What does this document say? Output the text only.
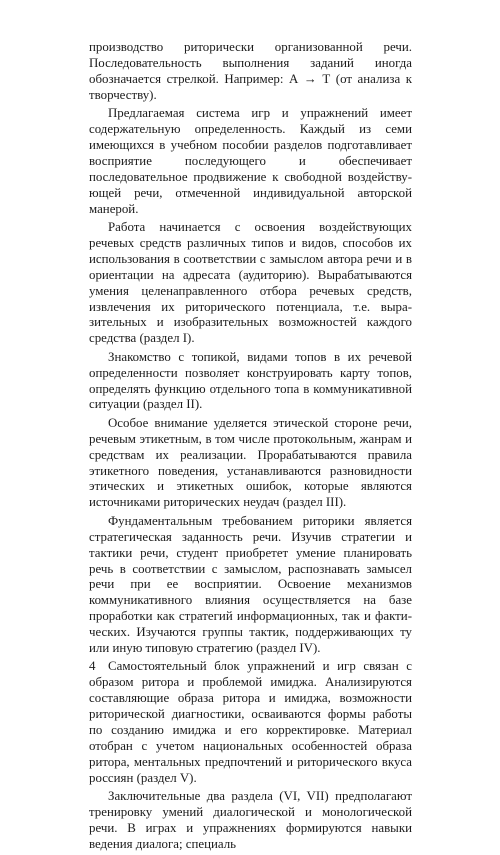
производство риторически организованной речи. Последовательность выполнения заданий иногда обозначается стрелкой. Например: А → Т (от анализа к творчеству).

Предлагаемая система игр и упражнений имеет содержательную определенность. Каждый из семи имеющихся в учебном пособии разделов подготавливает восприятие последующего и обеспечивает последовательное продвижение к свободной воздействующей речи, отмеченной индивидуальной авторской манерой.

Работа начинается с освоения воздействующих речевых средств различных типов и видов, способов их использования в соответствии с замыслом автора речи и в ориентации на адресата (аудиторию). Вырабатываются умения целенаправленного отбора речевых средств, извлечения их риторического потенциала, т.е. выразительных и изобразительных возможностей каждого средства (раздел I).

Знакомство с топикой, видами топов в их речевой определенности позволяет конструировать карту топов, определять функцию отдельного топа в коммуникативной ситуации (раздел II).

Особое внимание уделяется этической стороне речи, речевым этикетным, в том числе протокольным, жанрам и средствам их реализации. Прорабатываются правила этикетного поведения, устанавливаются разновидности этических и этикетных ошибок, которые являются источниками риторических неудач (раздел III).

Фундаментальным требованием риторики является стратегическая заданность речи. Изучив стратегии и тактики речи, студент приобретет умение планировать речь в соответствии с замыслом, распознавать замысел речи при ее восприятии. Освоение механизмов коммуникативного влияния осуществляется на базе проработки как стратегий информационных, так и фактических. Изучаются группы тактик, поддерживающих ту или иную типовую стратегию (раздел IV).

Самостоятельный блок упражнений и игр связан с образом ритора и проблемой имиджа. Анализируются составляющие образа ритора и имиджа, возможности риторической диагностики, осваиваются формы работы по созданию имиджа и его корректировке. Материал отобран с учетом национальных особенностей образа ритора, ментальных предпочтений и риторического вкуса россиян (раздел V).

Заключительные два раздела (VI, VII) предполагают тренировку умений диалогической и монологической речи. В играх и упражнениях формируются навыки ведения диалога; специаль

4
